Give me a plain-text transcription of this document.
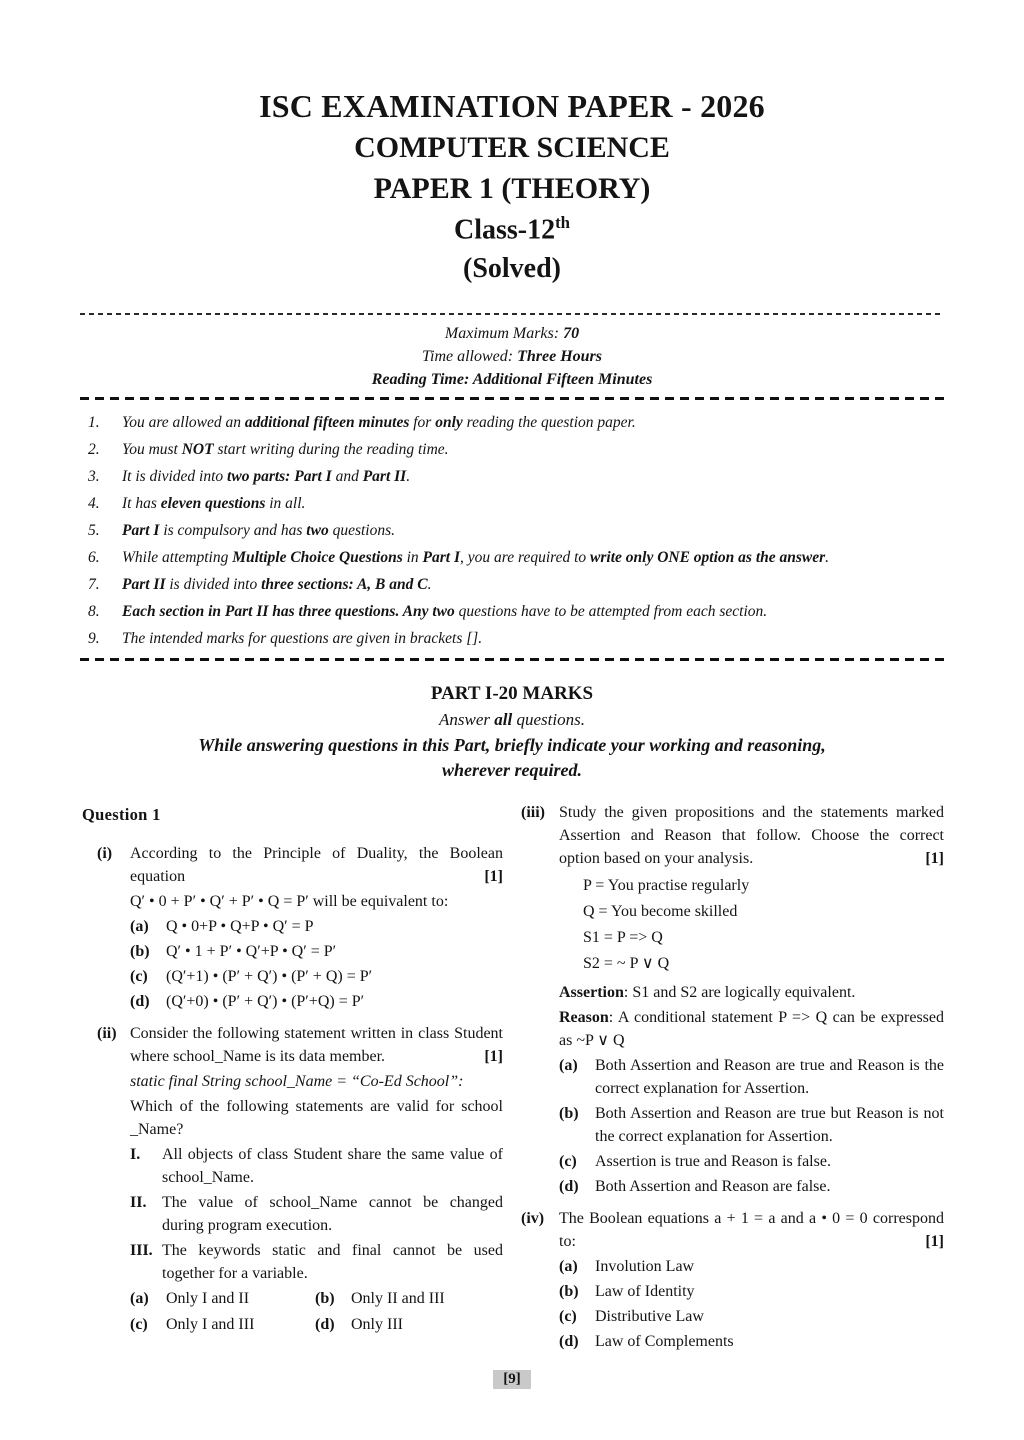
ISC EXAMINATION PAPER - 2026
COMPUTER SCIENCE
PAPER 1 (THEORY)
Class-12th
(Solved)
Maximum Marks: 70
Time allowed: Three Hours
Reading Time: Additional Fifteen Minutes
1.	You are allowed an additional fifteen minutes for only reading the question paper.
2.	You must NOT start writing during the reading time.
3.	It is divided into two parts: Part I and Part II.
4.	It has eleven questions in all.
5.	Part I is compulsory and has two questions.
6.	While attempting Multiple Choice Questions in Part I, you are required to write only ONE option as the answer.
7.	Part II is divided into three sections: A, B and C.
8.	Each section in Part II has three questions. Any two questions have to be attempted from each section.
9.	The intended marks for questions are given in brackets [].
PART I-20 MARKS
Answer all questions.
While answering questions in this Part, briefly indicate your working and reasoning, wherever required.
Question 1
(i)	According to the Principle of Duality, the Boolean equation	[1]
Q′ • 0 + P′ • Q′ + P′ • Q = P′ will be equivalent to:
(a)	Q • 0+P • Q+P • Q′ = P
(b)	Q′ • 1 + P′ • Q′+P • Q′ = P′
(c)	(Q′+1) • (P′ + Q′) • (P′ + Q) = P′
(d)	(Q′+0) • (P′ + Q′) • (P′+Q) = P′
(ii) Consider the following statement written in class Student where school_Name is its data member.	[1]
static final String school_Name = “Co-Ed School”:
Which of the following statements are valid for school _Name?
I.	All objects of class Student share the same value of school_Name.
II. The value of school_Name cannot be changed during program execution.
III. The keywords static and final cannot be used together for a variable.
(a)	Only I and II	(b)	Only II and III
(c)	Only I and III	(d)	Only III
(iii) Study the given propositions and the statements marked Assertion and Reason that follow. Choose the correct option based on your analysis.	[1]
P = You practise regularly
Q = You become skilled
S1 = P => Q
S2 = ~ P ∨ Q
Assertion: S1 and S2 are logically equivalent.
Reason: A conditional statement P => Q can be expressed as ~P ∨ Q
(a)	Both Assertion and Reason are true and Reason is the correct explanation for Assertion.
(b)	Both Assertion and Reason are true but Reason is not the correct explanation for Assertion.
(c)	Assertion is true and Reason is false.
(d)	Both Assertion and Reason are false.
(iv) The Boolean equations a + 1 = a and a • 0 = 0 correspond to:	[1]
(a)	Involution Law
(b)	Law of Identity
(c)	Distributive Law
(d)	Law of Complements
[9]
